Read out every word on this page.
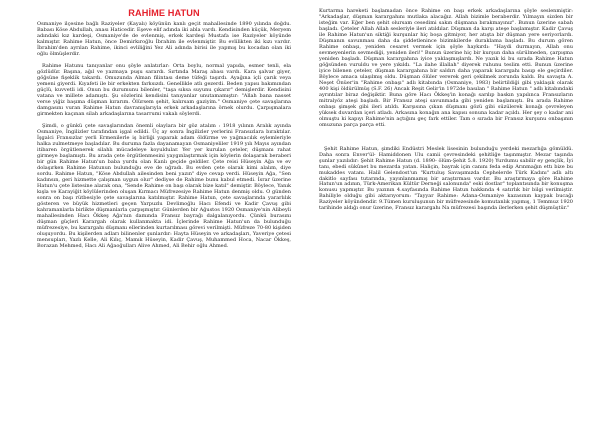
RAHİME HATUN

Osmaniye ilçesine bağlı Raziyeler (Kayalı) köyünün kanlı geçit mahallesinde 1890 yılında doğdu. Babası Köse Abdullah, anası Haticedir. Eşeve elif adında iki abla vardı. Kendisinden küçük, Meryem adındaki kız kardeşi, Osmaniye'de de evlenmiş, erkek kardeşi Mustafa ise Raziyeler köyünde kalmıştır. Rahime Hatun, önce Demirkıroğlu İbrahim ile evlenmiştir. Bu evlilikten iki kızı vardır. İbrahim'den ayrılan Rahime, ikinci evliliğini Yez Ali adında birisi ile yapmış bu kocadan olan iki oğlu ölmüşlerdir.

Rahime Hatunu tanıyanlar onu şöyle anlatırlar: Orta boylu, normal yapıda, esmer tenli, ela gözlüdür. Başına, ağıl ve yazmaya puşu sarardı. Sırtında Maraş abası vardı. Kara şalvar giyer, göğsüne fişeklik takardı. Omuzunda Alman filintası deme tüfeği taşırdı. Ayağına içli çarık veya yemeni giyerdi. Kıyafeti ile bir erkekten farksızdı. Genellikle atlı gezerdi. Beden yapısı bakımından güçlü, kuvvetli idi. Onun bu durumunu bilenler, "taşa sıksa suyunu çıkarır" demişlerdir. Kendisini vatana ve millete adamıştı. Şu sözlerini kendisini tanıyanlar unutamamıştır: "Allah bana nasset verse yiğiz başıma düşman kırarım. Ölürsem şehit, kalırsam gaziyim." Osmaniye çete savaşlarına damgasını vuran Rahime Hatun davranışlarıyla erkek arkadaşlarına örnek olurdu. Çarpışmalara girmekten kaçınan silah arkadaşlarına tasarrumi vakalı söylerdi.

Şimdi, o günkü çete savaşlarından önemli olaylara bir göz atalım : 1918 yılının Aralık ayında Osmaniye, İngilizler tarafından işgal edildi. Üç ay sonra İngilizler yerlerini Fransızlara bıraktılar. İşgalci Fransızlar yerli Ermenilerle iş birliği yaparak adam öldürme ve yağmacılık eylemleriyle halka zulmetmeye başladılar. Bu duruma fazla dayanamayan Osmaniyeliler 1919 yılı Mayıs ayından itibaren örgütlenerek silahlı mücadeleye koyuldular. Yer yer kurulan çeteler, düşmanı rahat girmeye başlamıştı. Bu arada çete örgütlenmesini yaygınlaştırmak için köylerin dolaşarak beraberi bir gün Rahime Hatun'un baba yurdu olan Kanlı geçide geldiler. Çete reisi Hüseyin Ağa ve ev dolaşırken Rahime Hatunun bulunduğu eve de uğradı. Bu evden çete olarak kimi alalım, diye sordu. Rahime Hatun, "Köse Abdullah ailesinden beni yazın" diye cevap verdi. Hüseyin Ağa, "Sen kadınsın, geri hizmette çalışman uygun olur" dediyse de Rahime bunu kabul etmedi. İsrar üzerine Hatun'u çete listesine alarak ona, "Sende Rahime on başı olarak bize katıl" demiştir. Böylece, Yanık kışla ve Karayiğit köylülerinden oluşan Kırmacı Müfrezesiye Rahime Hatun denmiş oldu. O günden sonra on başı rütbesiyle çete savaşlarına katılmıştır. Rahime Hatun, çete savaşlarında yararlılık gösteren ve büyük hizmetleri geçen Yarpuzlu Devlimoğlu Hacı Efendi ve Kadir Çavuş gibi kahramanlarla birlikte düşmanlarla çarpışmıştır. Günlerden bir Ağustos 1920 Osmaniye'nin Alibeyli mahallesinden Hacı Ökkeş Ağa'nın damında Fransız bayrağı dalgalanıyordu. Çünkü burasını düşman güçleri Karargah olarak kullanmakta idi. İçlerinde Rahime Hatun'un da bulunduğu müfrezesiye, bu karargahı düşmanı ellerinden kurtarılması görevi verilmişti. Müfreze 70-80 kişiden oluşuyordu. Bu kişilerden adları bilinenler şunlardır: Hayta Hüseyin ve arkadaşları, Yaveriye çetesi mensupları, Yazlı Kelle, Ali Kılıç, Mamık Hüseyin, Kadir Çavuş, Muhammed Hoca, Nacar Ökkeş, Borazan Mehmed, Hacı Ali Ağaoğulları Alive Ahmed, Ali Behir oğlu Ahmed.

Kurtarma hareketi başlamadan önce Rahime on başı erkek arkadaşlarına şöyle seslenmiştir: "Arkadaşlar, düşman karargahını mutlaka alacağız. Allah bizimle beraberdir. Yılmayın sizden bir isteğim var. Eğer ben şehit olursam cesedimi sakın düşmana bırakmayınız". Bunun üzerine sabah başladı. Çeteler Allah Allah sesleriyle ileri atıldılar. Düşman da karşı ateşe başlamıştır. Kadir Çavuş ile Rahime Hatun'un siktiği kurşunlar hiç boşa gitmiyor, her atışta bir düşman yere seriyorlardı. Düşmanın savunması daha da şiddetlenince bizimkilerde duraklama başladı. Bu durum gören Rahime onbaşı, yeniden cesaret vermek için şöyle haykırdı: "Haydi durmayın, Allah onu sevmeyenlerin sevmediği, yeniden ileri!" Bunun üzerine hiç bir kurşun daha sürülmeden, çarpışma yeniden başladı. Düşman karargahına iyice yaklaşmışlardı. Ne yazık ki bu sırada Rahime Hatun göğsünden vuruldu ve yere yıkıldı. "La ilahe illallah" diyerek ruhunu teslim etti. Bunun üzerine iyice bilenen çeteler, düşman karargahına bir saldırı daha yaparak karargahı basıp ele geçirdiler. Böylece amaca ulaşılmış oldu. Düşman ölüler vererek geri çekilmek zorunda kaldı. Bu savaşta A. Neşet Önüer'in "Rahime onbaşı" adlı kitabında (Osmaniye, 1983) belirtildiği gibi yaklaşık olarak 400 kişi öldürülmüş (S.F. 26) Ancak Reşit Gelir'in 1972de basılan " Rahime Hatun " adlı kitabındaki ayrıntılar biraz değişiktir. Buna göre Hacı Ökkeş'in konağı sarılıp baskın yapılınca Fransızların mitralyöz ateşi başladı. Bir Fransız ateşi savunmada gibi yeniden başlamıştı. Bu arada Rahime onbaşı şimşek gibi ileri atıldı. Karşısına çıkan düşmanı gözü gibi süzülerek konağı çevreleyen yüksek duvardan içeri atladı. Arkasına konağın ana kapısı sonuna kadar açıldı. Her şey o kadar ani olmuştu ki kapıyı Rahime'nin açtığını geç fark ettiler. Tam o sırada bir Fransız kurşunu onbaşının omuzuna parça parça etti.

Şehit Rahime Hatun, şimdiki Endüstri Meslek lisesinin bulunduğu yerdeki mezarlığa gömüldü. Daha sonra Enver'ül- Hamiddonen Ulu camii çevresindeki şehitliğe taşınmıştır. Mezar taşında şunlar yazılıdır: Şehit Rahime Hatun (d. 1890- ölüm-Şehit 5.8. 1920) Yurdumu sabilir ey gençlik, İyi tanı, ebedi sükûnet bu mezarda yatan. Haliçin, bayrak için canını feda edip Arınmağın ettı bize bu mukaddes vatanı. Halil Gelendost'un "Kurtuluş Savaşımızda Cephelerde Türk Kadını" adlı altı dakitlo sayfası tutarında, yayınlanmamış bir araştırması vardır. Bu araştırmaya göre Rahime Hatun'un adının, Türk-Amerikan Kültür Derneği salonunda" eski dostlar" toplantısında bir konuşma konusu yapmıştır. Bu yazının 4.sayfasında Rahime Hatun hakkında 4 satırlık bir bilgi verilmiştir. Bahiliyle olduğu gibi aktarıyorum: "Tayyar Rahime: Adana-Osmaniye kazasının kaypak bucağı Raziyeler köyündendir. 9.Tümen kuruluşunun bir müfrezesinde komutanlık yapmış, 1 Temmuz 1920 tarihinde aldığı onur üzerine, Fransız karargahı Na müfrezesi başında ilerlerken şehit düşmüştür."
